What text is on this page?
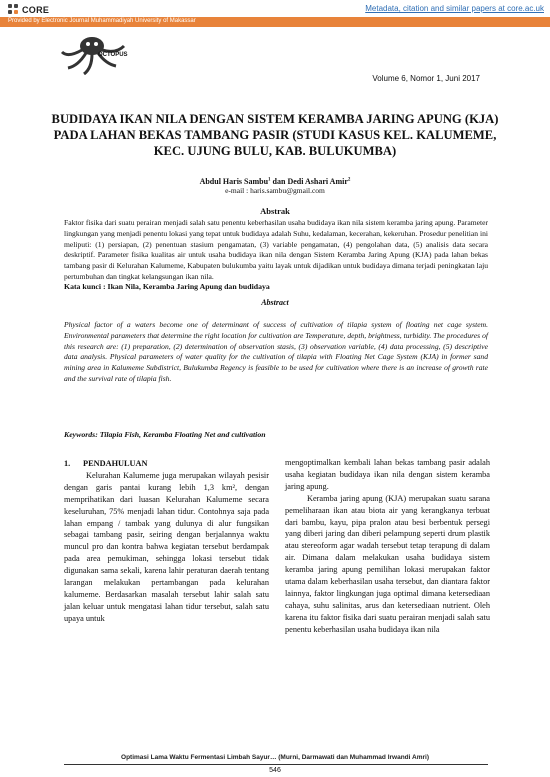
CORE	Metadata, citation and similar papers at core.ac.uk
Provided by Electronic Journal Muhammadiyah University of Makassar
OCTOPUS
Volume 6, Nomor 1, Juni 2017
BUDIDAYA IKAN NILA DENGAN SISTEM KERAMBA JARING APUNG (KJA) PADA LAHAN BEKAS TAMBANG PASIR (STUDI KASUS KEL. KALUMEME, KEC. UJUNG BULU, KAB. BULUKUMBA)
Abdul Haris Sambu$^1$ dan Dedi Ashari Amir$^2$
e-mail : haris.sambu@gmail.com
Abstrak
Faktor fisika dari suatu perairan menjadi salah satu penentu keberhasilan usaha budidaya ikan nila sistem keramba jaring apung. Parameter lingkungan yang menjadi penentu lokasi yang tepat untuk budidaya adalah Suhu, kedalaman, kecerahan, kekeruhan. Prosedur penelitian ini meliputi: (1) persiapan, (2) penentuan stasium pengamatan, (3) variable pengamatan, (4) pengolahan data, (5) analisis data secara deskriptif. Parameter fisika kualitas air untuk usaha budidaya ikan nila dengan Sistem Keramba Jaring Apung (KJA) pada lahan bekas tambang pasir di Kelurahan Kalumeme, Kabupaten bulukumba yaitu layak untuk dijadikan untuk budidaya dimana terjadi peningkatan laju pertumbuhan dan tingkat kelangsungan ikan nila.
Kata kunci : Ikan Nila, Keramba Jaring Apung dan budidaya
Abstract
Physical factor of a waters become one of determinant of success of cultivation of tilapia system of floating net cage system. Environmental parameters that determine the right location for cultivation are Temperature, depth, brightness, turbidity. The procedures of this research are: (1) preparation, (2) determination of observation stasis, (3) observation variable, (4) data processing, (5) descriptive data analysis. Physical parameters of water quality for the cultivation of tilapia with Floating Net Cage System (KJA) in former sand mining area in Kalumeme Subdistrict, Bulukumba Regency is feasible to be used for cultivation where there is an increase of growth rate and the survival rate of tilapia fish.
Keywords: Tilapia Fish, Keramba Floating Net and cultivation

1. PENDAHULUAN

Kelurahan Kalumeme juga merupakan wilayah pesisir dengan garis pantai kurang lebih 1,3 km², dengan memprihatikan dari luasan Kelurahan Kalumeme secara keseluruhan, 75% menjadi lahan tidur. Contohnya saja pada lahan empang / tambak yang dulunya di alur fungsikan sebagai tambang pasir, seiring dengan berjalannya waktu muncul pro dan kontra bahwa kegiatan tersebut berdampak pada area pemukiman, sehingga lokasi tersebut tidak digunakan sama sekali, karena lahir peraturan daerah tentang larangan melakukan pertambangan pada kelurahan kalumeme. Berdasarkan masalah tersebut lahir salah satu jalan keluar untuk mengatasi lahan tidur tersebut, salah satu upaya untuk

mengoptimalkan kembali lahan bekas tambang pasir adalah usaha kegiatan budidaya ikan nila dengan sistem keramba jaring apung.

Keramba jaring apung (KJA) merupakan suatu sarana pemeliharaan ikan atau biota air yang kerangkanya terbuat dari bambu, kayu, pipa pralon atau besi berbentuk persegi yang diberi jaring dan diberi pelampung seperti drum plastik atau stereoform agar wadah tersebut tetap terapung di dalam air. Dimana dalam melakukan usaha budidaya sistem keramba jaring apung pemilihan lokasi merupakan faktor utama dalam keberhasilan usaha tersebut, dan diantara faktor lainnya, faktor lingkungan juga optimal dimana ketersediaan cahaya, suhu salinitas, arus dan ketersediaan nutrient. Oleh karena itu faktor fisika dari suatu perairan menjadi salah satu penentu keberhasilan usaha budidaya ikan nila

Optimasi Lama Waktu Fermentasi Limbah Sayur… (Murni, Darmawati dan Muhammad Irwandi Amri)
546
